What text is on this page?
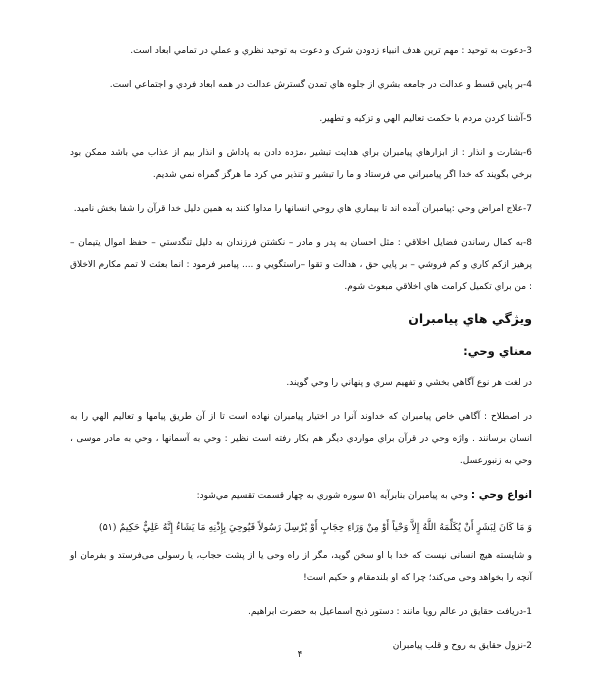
3-دعوت به توحيد : مهم ترين هدف انبياء زدودن شرک و دعوت به توحيد نظري و عملي در تمامي ابعاد است.

4-بر پايي قسط و عدالت در جامعه بشري از جلوه هاي تمدن گسترش عدالت در همه ابعاد فردي و اجتماعي است.

5-آشنا کردن مردم با حکمت تعاليم الهي و تزکيه و تطهير.

6-بشارت و انذار : از ابزارهاي پيامبران براي هدايت تبشير ،مژده دادن به پاداش و انذار بيم از عذاب مي باشد ممکن بود برخي بگويند که خدا اگر پيامبراني مي فرستاد و ما را تبشير و تنذير مي کرد ما هرگز گمراه نمي شديم.

7-علاج امراض وحي :پيامبران آمده اند تا بيماري هاي روحي انسانها را مداوا کنند به همين دليل خدا قرآن را شفا بخش ناميد.

8-به کمال رساندن فضايل اخلاقي : مثل احسان به پدر و مادر – نکشتن فرزندان به دليل تنگدستي – حفظ اموال يتيمان –پرهيز ازکم کاري و کم فروشي – بر پايي حق ، هدالت و تقوا –راستگويي و .... پيامبر فرمود : انما بعثت لا تمم مکارم الاخلاق : من براي تکميل کرامت هاي اخلاقي مبعوث شوم.

ويژگي هاي پيامبران
معناي وحي:

در لغت هر نوع آگاهي بخشي و تفهيم سري و پنهاني را وحي گويند.

در اصطلاح : آگاهي خاص پيامبران كه خداوند آنرا در اختيار پيامبران نهاده است تا از آن طريق پيامها و تعاليم الهي را به انسان برسانند . واژه وحي در قرآن براي مواردي ديگر هم بكار رفته است نظير : وحي به آسمانها ، وحي به مادر موسی ، وحي به زنبورعسل.

انواع وحي : وحي به پيامبران بنابرآيه ۵۱ سوره شوري به چهار قسمت تقسيم مي‌شود:

وَ مَا كَانَ لِبَشَرٍ أَنْ يُكَلِّمَهُ اللَّهُ إِلاَّ وَحْياً أَوْ مِنْ وَرَاءِ حِجَابٍ أَوْ يُرْسِلَ رَسُولاً فَيُوحِيَ بِإِذْنِهِ مَا يَشَاءُ إِنَّهُ عَلِيٌّ حَكِيمٌ (۵۱)

و شايسته هيچ انسانی نيست كه خدا با او سخن گويد، مگر از راه وحی يا از پشت حجاب، يا رسولی می‌فرستد و بفرمان او آنچه را بخواهد وحی می‌كند؛ چرا كه او بلندمقام و حكيم است!

1-دريافت حقايق در عالم رويا مانند : دستور ذبح اسماعيل به حضرت ابراهيم.

2-نزول حقايق به روح و قلب پيامبران

۴
